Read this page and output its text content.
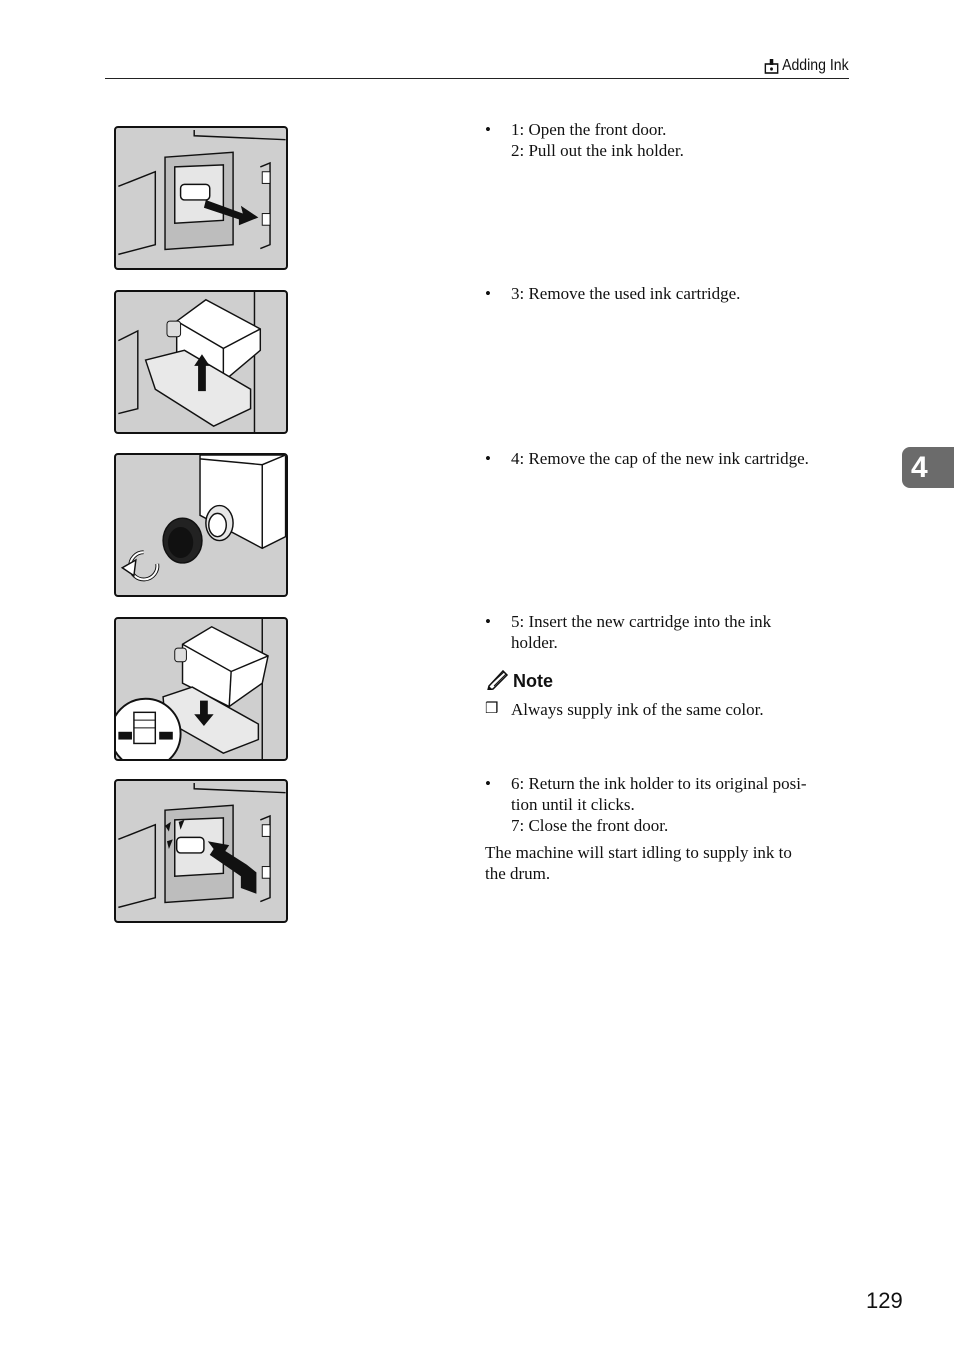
Adding Ink
4
•	1: Open the front door.
2: Pull out the ink holder.
•	3: Remove the used ink cartridge.
•	4: Remove the cap of the new ink cartridge.
•	5: Insert the new cartridge into the ink
holder.
Note
❒ Always supply ink of the same color.
•	6: Return the ink holder to its original posi-
tion until it clicks.
7: Close the front door.
The machine will start idling to supply ink to
the drum.
129
